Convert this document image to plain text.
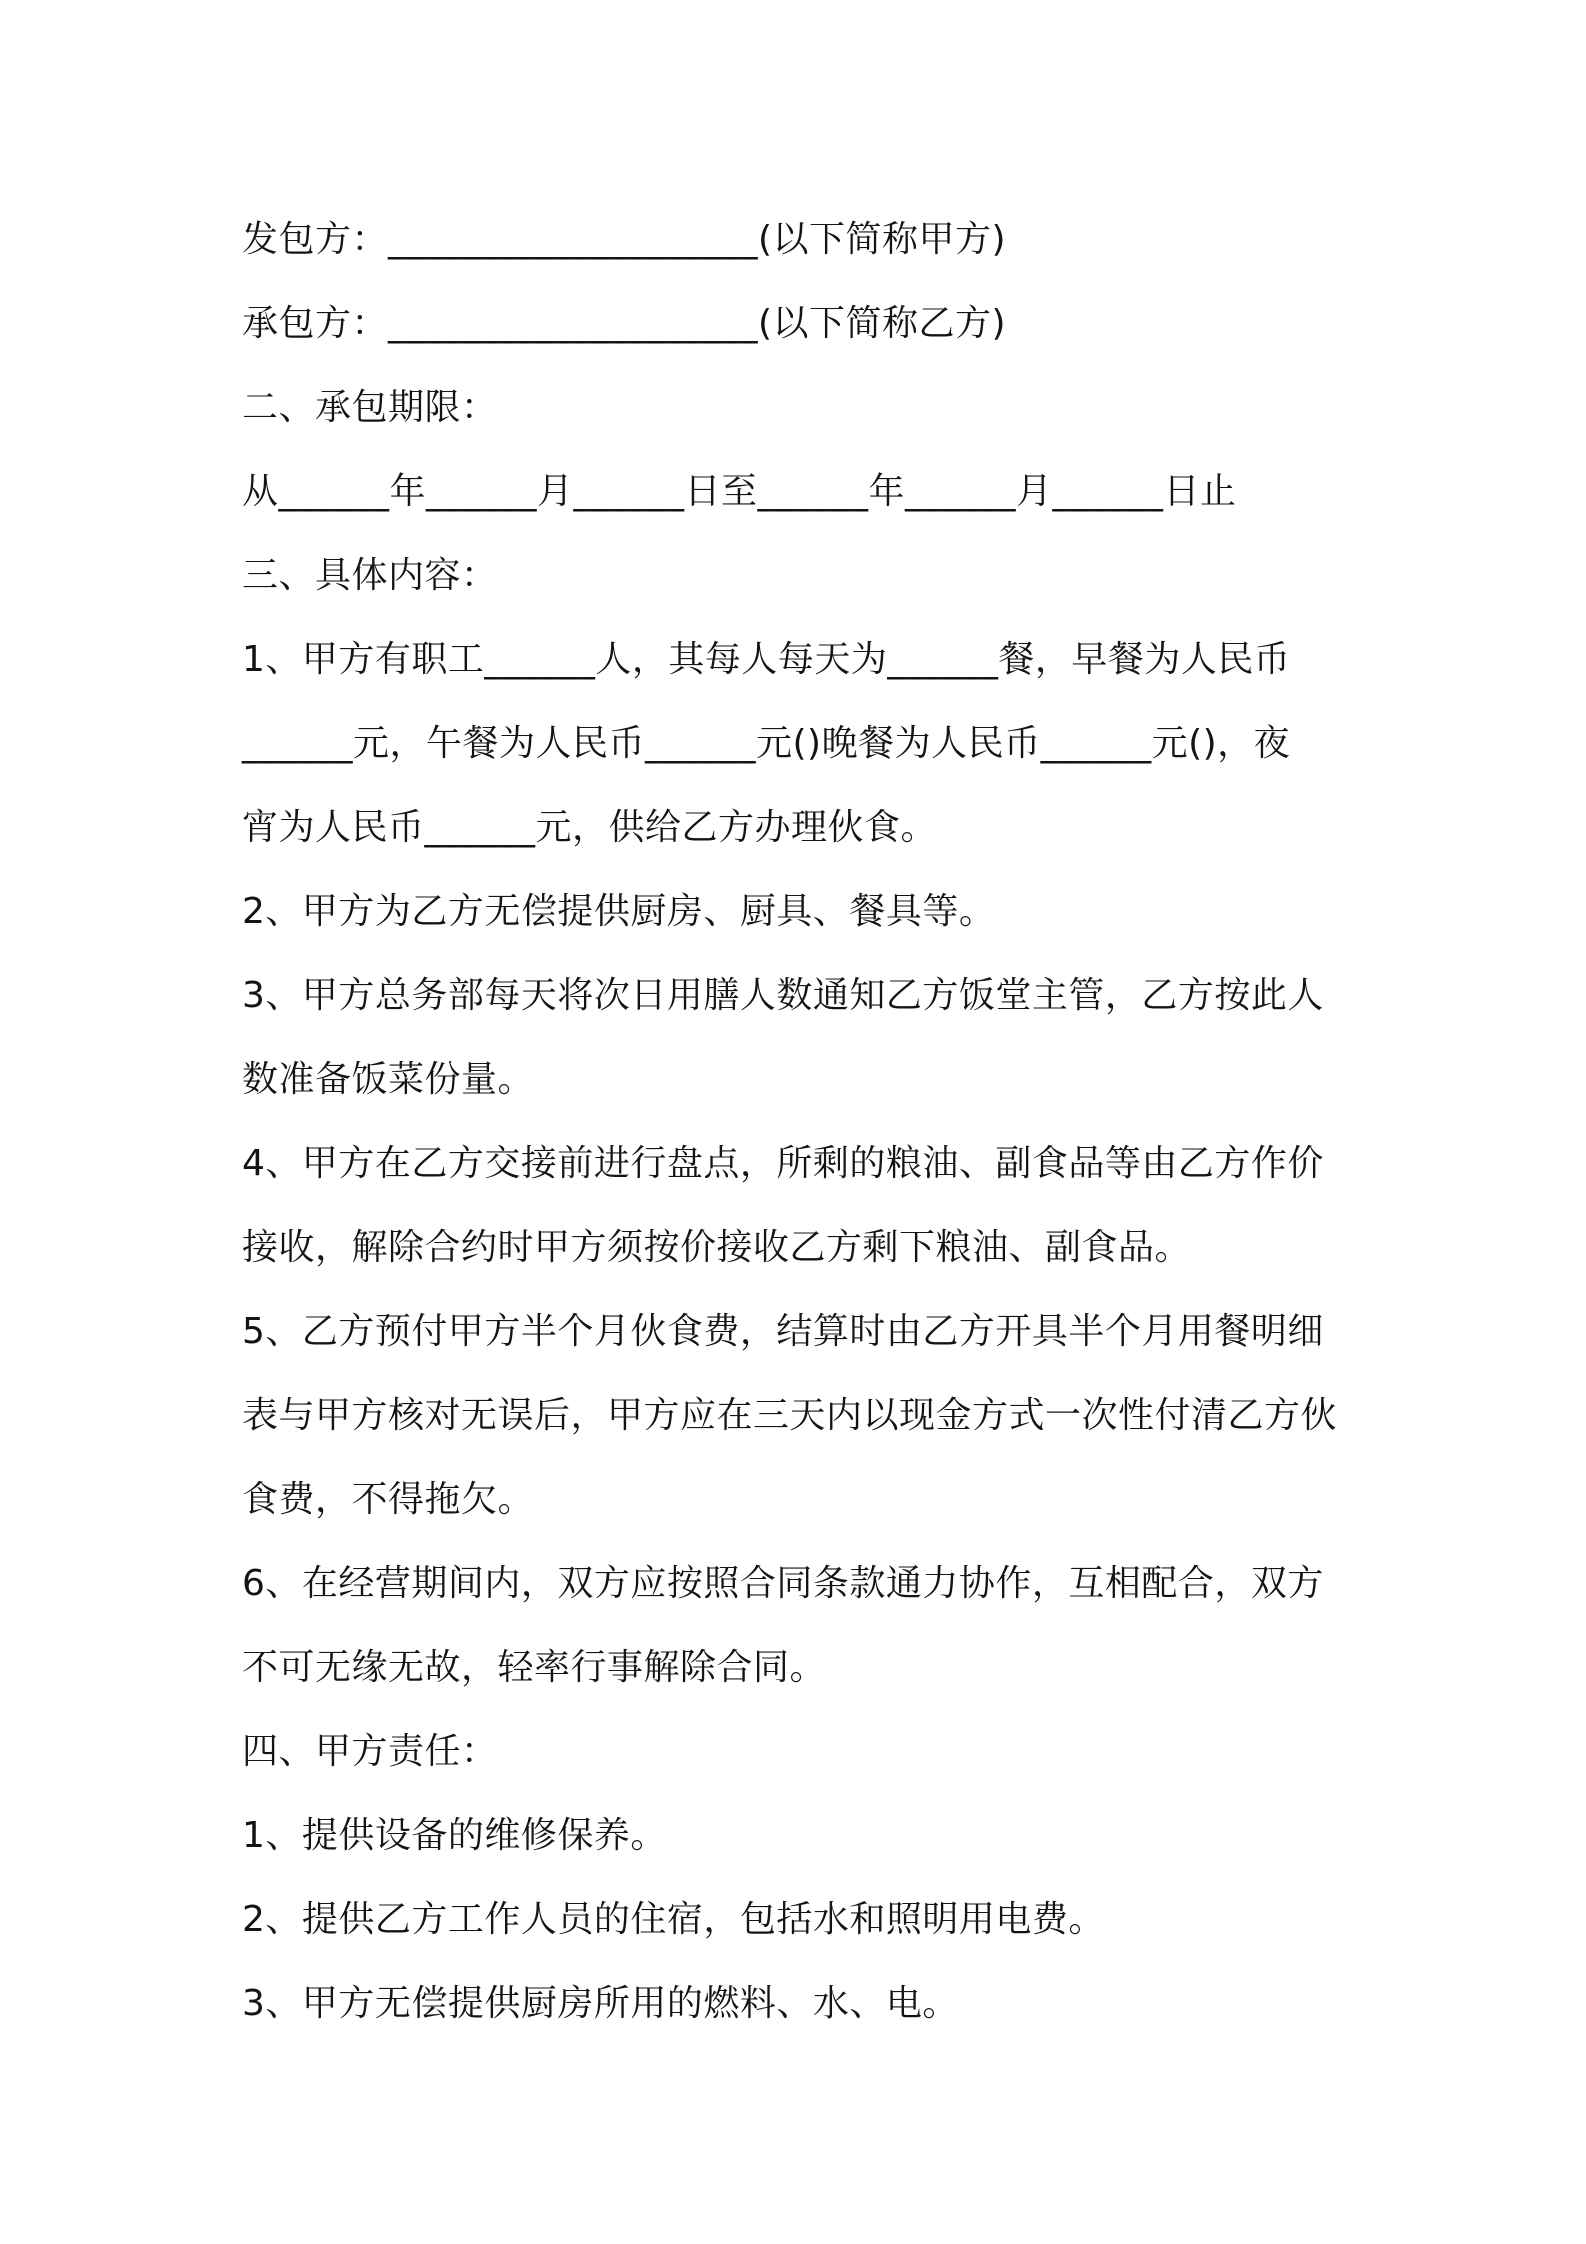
发包方：____________________(以下简称甲方)
承包方：____________________(以下简称乙方)
二、承包期限：
从______年______月______日至______年______月______日止
三、具体内容：
1、甲方有职工______人，其每人每天为______餐，早餐为人民币
______元，午餐为人民币______元()晚餐为人民币______元()，夜
宵为人民币______元，供给乙方办理伙食。
2、甲方为乙方无偿提供厨房、厨具、餐具等。
3、甲方总务部每天将次日用膳人数通知乙方饭堂主管，乙方按此人
数准备饭菜份量。
4、甲方在乙方交接前进行盘点，所剩的粮油、副食品等由乙方作价
接收，解除合约时甲方须按价接收乙方剩下粮油、副食品。
5、乙方预付甲方半个月伙食费，结算时由乙方开具半个月用餐明细
表与甲方核对无误后，甲方应在三天内以现金方式一次性付清乙方伙
食费，不得拖欠。
6、在经营期间内，双方应按照合同条款通力协作，互相配合，双方
不可无缘无故，轻率行事解除合同。
四、甲方责任：
1、提供设备的维修保养。
2、提供乙方工作人员的住宿，包括水和照明用电费。
3、甲方无偿提供厨房所用的燃料、水、电。
